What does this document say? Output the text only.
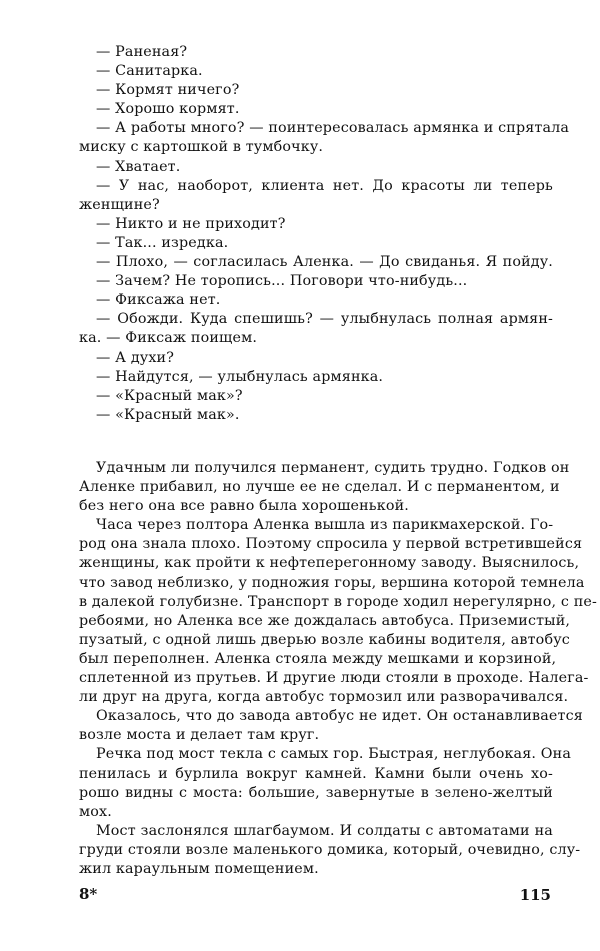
— Раненая?
— Санитарка.
— Кормят ничего?
— Хорошо кормят.
— А работы много? — поинтересовалась армянка и спрятала
миску с картошкой в тумбочку.
— Хватает.
— У нас, наоборот, клиента нет. До красоты ли теперь
женщине?
— Никто и не приходит?
— Так... изредка.
— Плохо, — согласилась Аленка. — До свиданья. Я пойду.
— Зачем? Не торопись... Поговори что-нибудь...
— Фиксажа нет.
— Обожди. Куда спешишь? — улыбнулась полная армян-
ка. — Фиксаж поищем.
— А духи?
— Найдутся, — улыбнулась армянка.
— «Красный мак»?
— «Красный мак».
Удачным ли получился перманент, судить трудно. Годков он
Аленке прибавил, но лучше ее не сделал. И с перманентом, и
без него она все равно была хорошенькой.
Часа через полтора Аленка вышла из парикмахерской. Го-
род она знала плохо. Поэтому спросила у первой встретившейся
женщины, как пройти к нефтеперегонному заводу. Выяснилось,
что завод неблизко, у подножия горы, вершина которой темнела
в далекой голубизне. Транспорт в городе ходил нерегулярно, с пе-
ребоями, но Аленка все же дождалась автобуса. Приземистый,
пузатый, с одной лишь дверью возле кабины водителя, автобус
был переполнен. Аленка стояла между мешками и корзиной,
сплетенной из прутьев. И другие люди стояли в проходе. Налега-
ли друг на друга, когда автобус тормозил или разворачивался.
Оказалось, что до завода автобус не идет. Он останавливается
возле моста и делает там круг.
Речка под мост текла с самых гор. Быстрая, неглубокая. Она
пенилась и бурлила вокруг камней. Камни были очень хо-
рошо видны с моста: большие, завернутые в зелено-желтый
мох.
Мост заслонялся шлагбаумом. И солдаты с автоматами на
груди стояли возле маленького домика, который, очевидно, слу-
жил караульным помещением.
8*	115
